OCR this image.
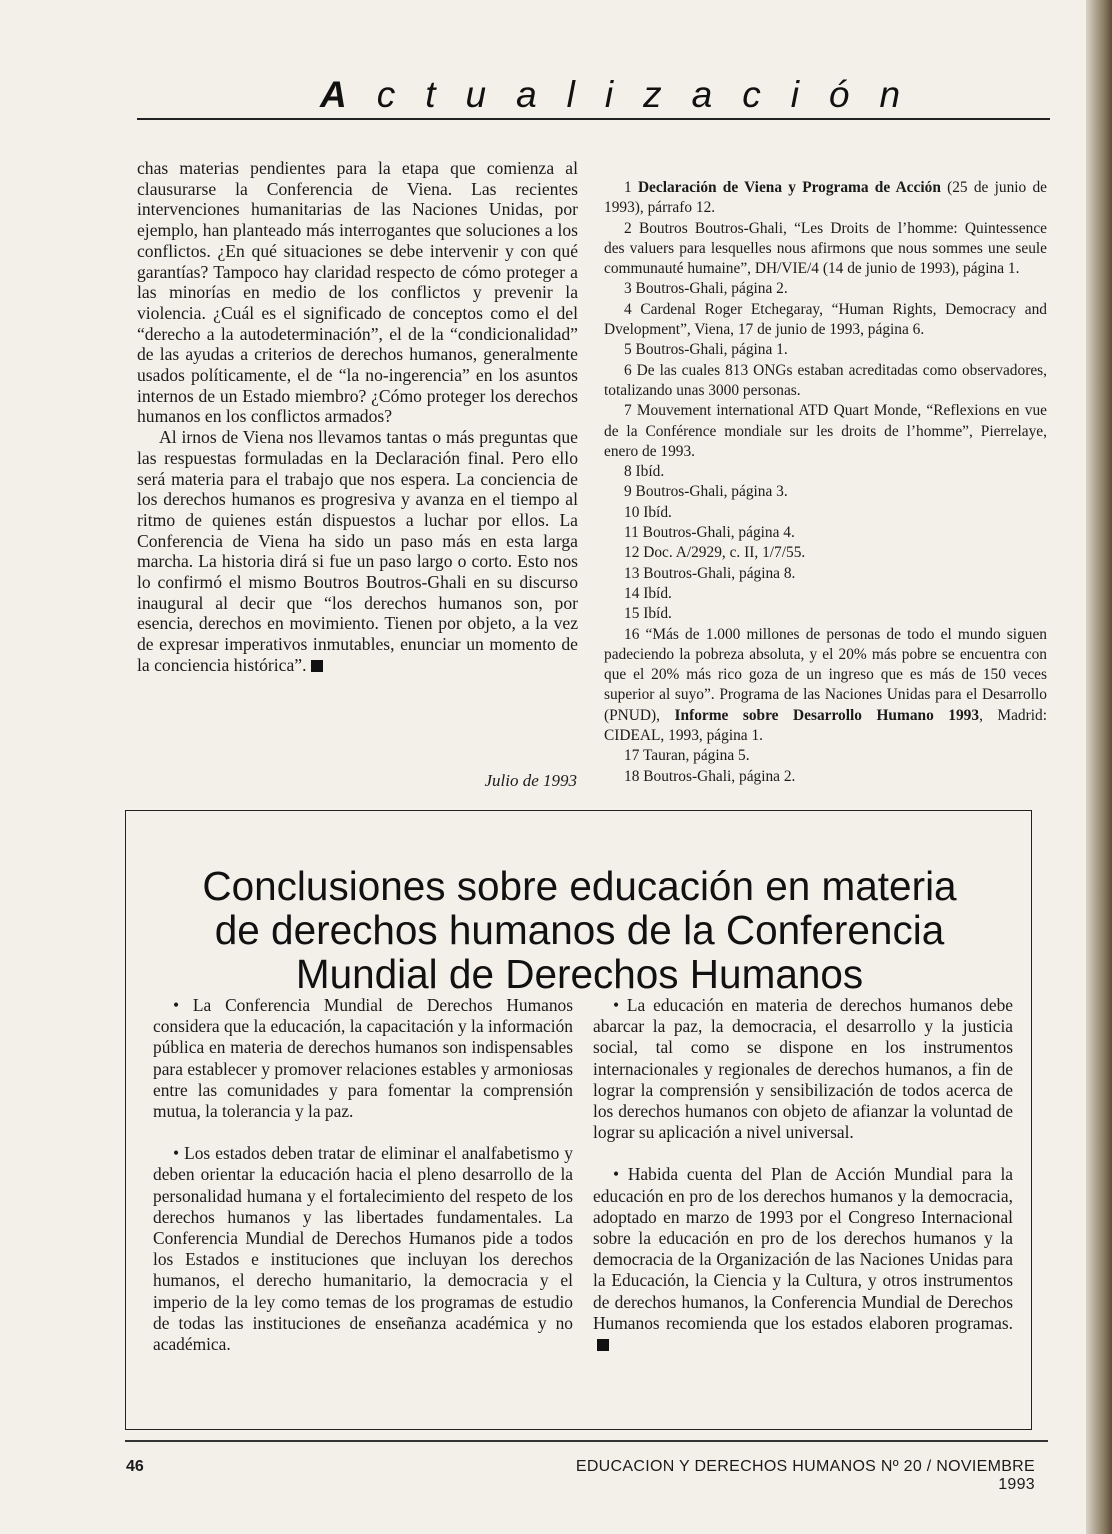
Actualización

chas materias pendientes para la etapa que comienza al clausurarse la Conferencia de Viena. Las recientes intervenciones humanitarias de las Naciones Unidas, por ejemplo, han planteado más interrogantes que soluciones a los conflictos. ¿En qué situaciones se debe intervenir y con qué garantías? Tampoco hay claridad respecto de cómo proteger a las minorías en medio de los conflictos y prevenir la violencia. ¿Cuál es el significado de conceptos como el del “derecho a la autodeterminación”, el de la “condicionalidad” de las ayudas a criterios de derechos humanos, generalmente usados políticamente, el de “la no-ingerencia” en los asuntos internos de un Estado miembro? ¿Cómo proteger los derechos humanos en los conflictos armados?

Al irnos de Viena nos llevamos tantas o más preguntas que las respuestas formuladas en la Declaración final. Pero ello será materia para el trabajo que nos espera. La conciencia de los derechos humanos es progresiva y avanza en el tiempo al ritmo de quienes están dispuestos a luchar por ellos. La Conferencia de Viena ha sido un paso más en esta larga marcha. La historia dirá si fue un paso largo o corto. Esto nos lo confirmó el mismo Boutros Boutros-Ghali en su discurso inaugural al decir que “los derechos humanos son, por esencia, derechos en movimiento. Tienen por objeto, a la vez de expresar imperativos inmutables, enunciar un momento de la conciencia histórica”.

Julio de 1993

1 Declaración de Viena y Programa de Acción (25 de junio de 1993), párrafo 12.

2 Boutros Boutros-Ghali, “Les Droits de l’homme: Quintessence des valuers para lesquelles nous afirmons que nous sommes une seule communauté humaine”, DH/VIE/4 (14 de junio de 1993), página 1.

3 Boutros-Ghali, página 2.

4 Cardenal Roger Etchegaray, “Human Rights, Democracy and Dvelopment”, Viena, 17 de junio de 1993, página 6.

5 Boutros-Ghali, página 1.

6 De las cuales 813 ONGs estaban acreditadas como observadores, totalizando unas 3000 personas.

7 Mouvement international ATD Quart Monde, “Reflexions en vue de la Conférence mondiale sur les droits de l’homme”, Pierrelaye, enero de 1993.

8 Ibíd.

9 Boutros-Ghali, página 3.

10 Ibíd.

11 Boutros-Ghali, página 4.

12 Doc. A/2929, c. II, 1/7/55.

13 Boutros-Ghali, página 8.

14 Ibíd.

15 Ibíd.

16 “Más de 1.000 millones de personas de todo el mundo siguen padeciendo la pobreza absoluta, y el 20% más pobre se encuentra con que el 20% más rico goza de un ingreso que es más de 150 veces superior al suyo”. Programa de las Naciones Unidas para el Desarrollo (PNUD), Informe sobre Desarrollo Humano 1993, Madrid: CIDEAL, 1993, página 1.

17 Tauran, página 5.

18 Boutros-Ghali, página 2.

Conclusiones sobre educación en materia
de derechos humanos de la Conferencia
Mundial de Derechos Humanos

• La Conferencia Mundial de Derechos Humanos considera que la educación, la capacitación y la información pública en materia de derechos humanos son indispensables para establecer y promover relaciones estables y armoniosas entre las comunidades y para fomentar la comprensión mutua, la tolerancia y la paz.

• Los estados deben tratar de eliminar el analfabetismo y deben orientar la educación hacia el pleno desarrollo de la personalidad humana y el fortalecimiento del respeto de los derechos humanos y las libertades fundamentales. La Conferencia Mundial de Derechos Humanos pide a todos los Estados e instituciones que incluyan los derechos humanos, el derecho humanitario, la democracia y el imperio de la ley como temas de los programas de estudio de todas las instituciones de enseñanza académica y no académica.

• La educación en materia de derechos humanos debe abarcar la paz, la democracia, el desarrollo y la justicia social, tal como se dispone en los instrumentos internacionales y regionales de derechos humanos, a fin de lograr la comprensión y sensibilización de todos acerca de los derechos humanos con objeto de afianzar la voluntad de lograr su aplicación a nivel universal.

• Habida cuenta del Plan de Acción Mundial para la educación en pro de los derechos humanos y la democracia, adoptado en marzo de 1993 por el Congreso Internacional sobre la educación en pro de los derechos humanos y la democracia de la Organización de las Naciones Unidas para la Educación, la Ciencia y la Cultura, y otros instrumentos de derechos humanos, la Conferencia Mundial de Derechos Humanos recomienda que los estados elaboren programas.

46	EDUCACION Y DERECHOS HUMANOS Nº 20 / NOVIEMBRE 1993
